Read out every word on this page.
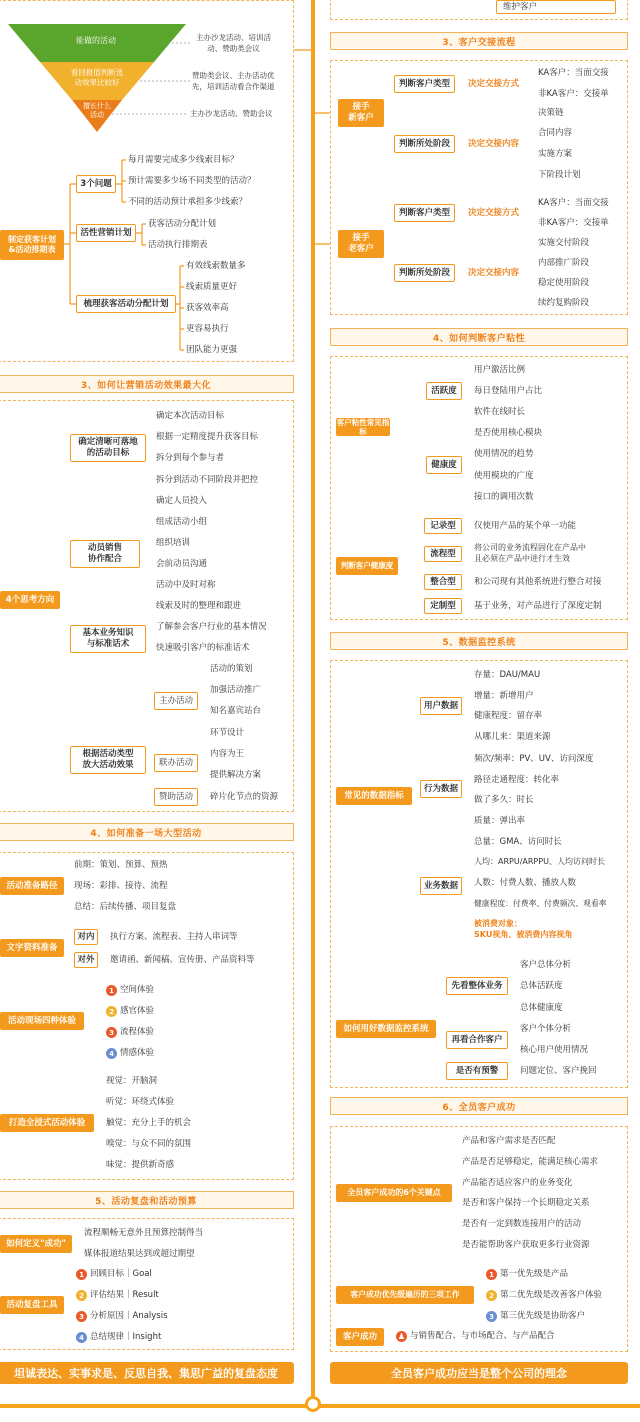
能做的活动
看回报值判断选
动效果比较好
擅长什么
活动
主办沙龙活动、培训活
动、赞助类会议
赞助类会议、主办活动优
先，培训活动看合作渠道
主办沙龙活动、赞助会议
制定获客计划
&活动排期表
3个问题
每月需要完成多少线索目标？
预计需要多少场不同类型的活动？
不同的活动预计承担多少线索？
活性营销计划
获客活动分配计划
活动执行排期表
梳理获客活动分配计划
有效线索数量多
线索质量更好
获客效率高
更容易执行
团队能力更强
3、如何让营销活动效果最大化
4个思考方向
确定清晰可落地
的活动目标
确定本次活动目标
根据一定精度提升获客目标
拆分到每个参与者
拆分到活动不同阶段并把控
动员销售
协作配合
确定人员投入
组成活动小组
组织培训
会前动员沟通
活动中及时对称
线索及时的整理和跟进
基本业务知识
与标准话术
了解参会客户行业的基本情况
快速吸引客户的标准话术
根据活动类型
放大活动效果
主办活动
活动的策划
加强活动推广
知名嘉宾站台
环节设计
联办活动
内容为王
提供解决方案
赞助活动	碎片化节点的资源
4、如何准备一场大型活动
活动准备路径
前期：策划、预算、预热
现场：彩排、接待、流程
总结：后续传播、项目复盘
文字资料准备
对内	执行方案、流程表、主持人串词等
对外	邀请函、新闻稿、宣传册、产品资料等
活动现场四种体验
1 空间体验
2 感官体验
3 流程体验
4 情感体验
打造全浸式活动体验
视觉：开脑洞
听觉：环绕式体验
触觉：充分上手的机会
嗅觉：与众不同的氛围
味觉：提供新奇感
5、活动复盘和活动预算
如何定义"成功"
流程顺畅无意外且预算控制得当
媒体报道结果达到或超过期望
活动复盘工具
1 回顾目标｜Goal
2 评估结果｜Result
3 分析原因｜Analysis
4 总结规律｜Insight
坦诚表达、实事求是、反思自我、集思广益的复盘态度
维护客户
3、客户交接流程
接手
新客户
判断客户类型	决定交接方式
KA客户：当面交接
非KA客户：交接单
判断所处阶段	决定交接内容
决策链
合同内容
实施方案
下阶段计划
接手
老客户
判断客户类型	决定交接方式
KA客户：当面交接
非KA客户：交接单
判断所处阶段	决定交接内容
实施交付阶段
内部推广阶段
稳定使用阶段
续约复购阶段
4、如何判断客户粘性
客户粘性常见指标
活跃度
用户激活比例
每日登陆用户占比
软件在线时长
健康度
是否使用核心模块
使用情况的趋势
使用模块的广度
接口的调用次数
判断客户健康度
记录型	仅使用产品的某个单一功能
流程型
将公司的业务流程固化在产品中
且必须在产品中进行才生效
整合型	和公司现有其他系统进行整合对接
定制型	基于业务，对产品进行了深度定制
5、数据监控系统
常见的数据指标
用户数据
存量：DAU/MAU
增量：新增用户
健康程度：留存率
从哪儿来：渠道来源
行为数据
频次/频率：PV、UV、访问深度
路径走通程度：转化率
做了多久：时长
质量：弹出率
业务数据
总量：GMA、访问时长
人均：ARPU/ARPPU、人均访问时长
人数：付费人数、播放人数
健康程度：付费率、付费频次、观看率
被消费对象：
SKU视角、被消费内容视角
如何用好数据监控系统
先看整体业务
客户总体分析
总体活跃度
总体健康度
再看合作客户
客户个体分析
核心用户使用情况
是否有预警	问题定位、客户挽回
6、全员客户成功
全员客户成功的6个关键点
产品和客户需求是否匹配
产品是否足够稳定，能满足核心需求
产品能否适应客户的业务变化
是否和客户保持一个长期稳定关系
是否有一定到数连接用户的活动
是否能帮助客户获取更多行业资源
客户成功优先级遍历的三项工作
1 第一优先级是产品
2 第二优先级是改善客户体验
3 第三优先级是协助客户
客户成功	♟ 与销售配合、与市场配合、与产品配合
全员客户成功应当是整个公司的理念
